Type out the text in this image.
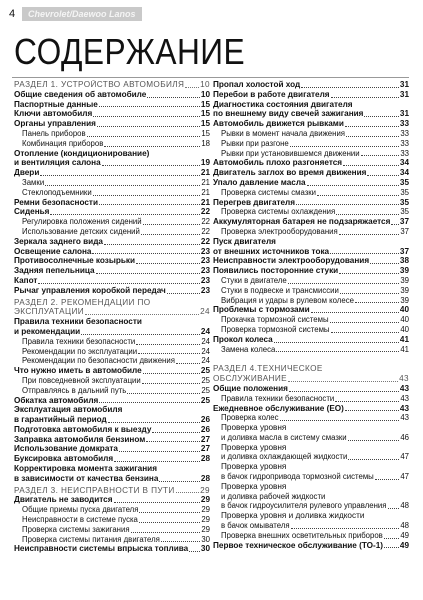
4	Chevrolet/Daewoo Lanos
СОДЕРЖАНИЕ
РАЗДЕЛ 1. УСТРОЙСТВО АВТОМОБИЛЯ 10
Общие сведения об автомобиле	10
Паспортные данные	15
Ключи автомобиля	15
Органы управления	15
Панель приборов	15
Комбинация приборов	18
Отопление (кондиционирование)
и вентиляция салона	19
Двери	21
Замки	21
Стеклоподъемники	21
Ремни безопасности	21
Сиденья	22
Регулировка положения сидений	22
Использование детских сидений	22
Зеркала заднего вида	22
Освещение салона	23
Противосолнечные козырьки	23
Задняя пепельница	23
Капот	23
Рычаг управления коробкой передач	23
РАЗДЕЛ 2. РЕКОМЕНДАЦИИ ПО
ЭКСПЛУАТАЦИИ	24
Правила техники безопасности
и рекомендации	24
Правила техники безопасности	24
Рекомендации по эксплуатации	24
Рекомендации по безопасности движения	24
Что нужно иметь в автомобиле	25
При повседневной эксплуатации	25
Отправляясь в дальний путь	25
Обкатка автомобиля	25
Эксплуатация автомобиля
в гарантийный период	26
Подготовка автомобиля к выезду	26
Заправка автомобиля бензином	27
Использование домкрата	27
Буксировка автомобиля	28
Корректировка момента зажигания
в зависимости от качества бензина	28
РАЗДЕЛ 3. НЕИСПРАВНОСТИ В ПУТИ	29
Двигатель не заводится	29
Общие приемы пуска двигателя	29
Неисправности в системе пуска	29
Проверка системы зажигания	29
Проверка системы питания двигателя	30
Неисправности системы впрыска топлива 30
Пропал холостой ход	31
Перебои в работе двигателя	31
Диагностика состояния двигателя
по внешнему виду свечей зажигания	31
Автомобиль движется рывками	33
Рывки в момент начала движения	33
Рывки при разгоне	33
Рывки при установившемся движении	33
Автомобиль плохо разгоняется	34
Двигатель заглох во время движения	34
Упало давление масла	35
Проверка системы смазки	35
Перегрев двигателя	35
Проверка системы охлаждения	35
Аккумуляторная батарея не подзаряжается 37
Проверка электрооборудования	37
Пуск двигателя
от внешних источников тока	37
Неисправности электрооборудования	38
Появились посторонние стуки	39
Стуки в двигателе	39
Стуки в подвеске и трансмиссии	39
Вибрация и удары в рулевом колесе	39
Проблемы с тормозами	40
Прокачка тормозной системы	40
Проверка тормозной системы	40
Прокол колеса	41
Замена колеса	41
РАЗДЕЛ 4.ТЕХНИЧЕСКОЕ
ОБСЛУЖИВАНИЕ	43
Общие положения	43
Правила техники безопасности	43
Ежедневное обслуживание (ЕО)	43
Проверка колес	43
Проверка уровня
и доливка масла в систему смазки	46
Проверка уровня
и доливка охлаждающей жидкости	47
Проверка уровня
в бачок гидропривода тормозной системы	47
Проверка уровня
и доливка рабочей жидкости
в бачок гидроусилителя рулевого управления 48
Проверка уровня и доливка жидкости
в бачок омывателя	48
Проверка внешних осветительных приборов 49
Первое техническое обслуживание (ТО-1) 49
